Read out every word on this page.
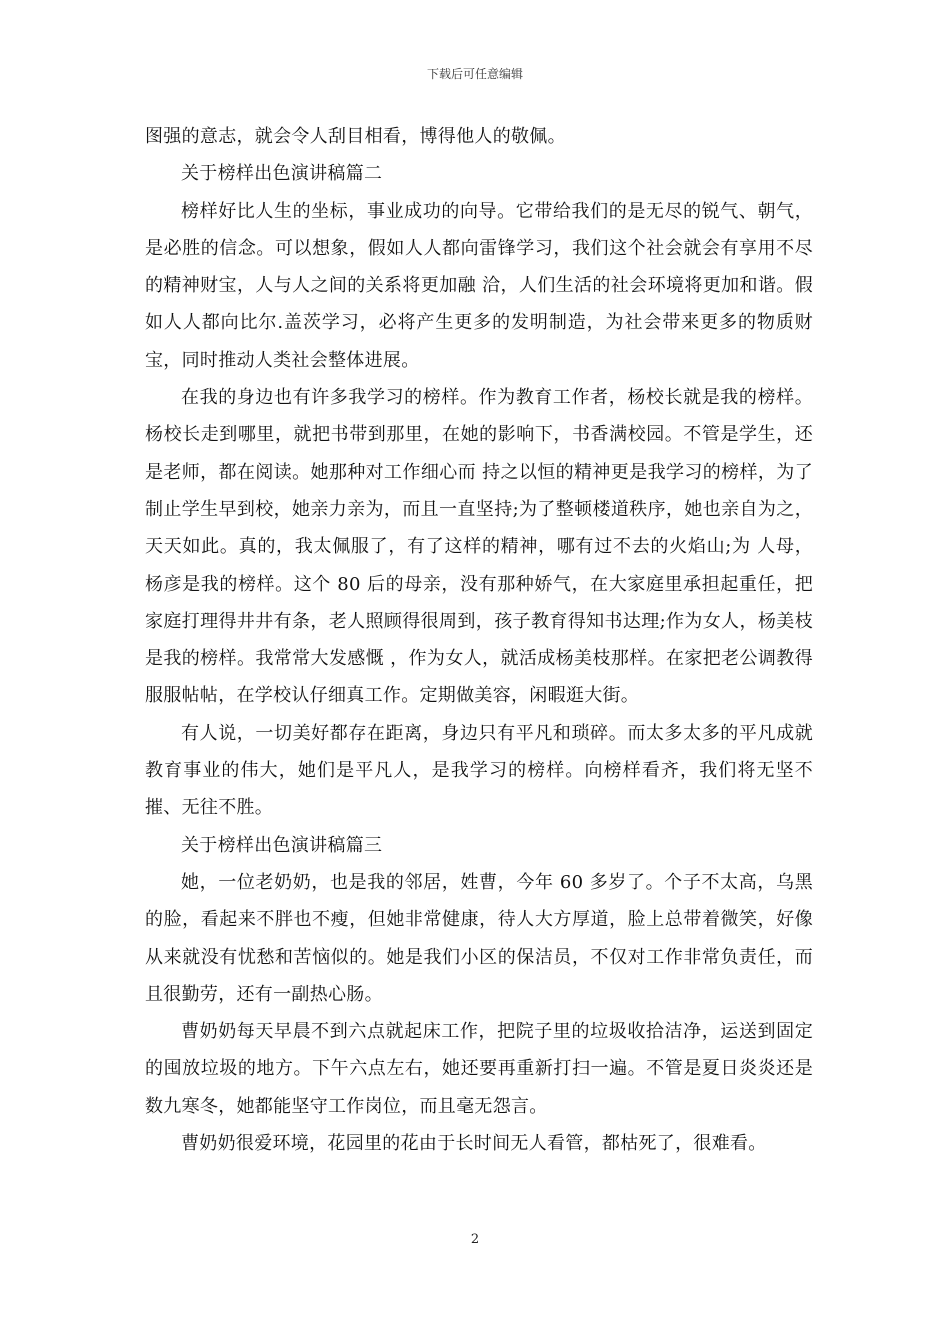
下载后可任意编辑

图强的意志，就会令人刮目相看，博得他人的敬佩。

关于榜样出色演讲稿篇二

榜样好比人生的坐标，事业成功的向导。它带给我们的是无尽的锐气、朝气，是必胜的信念。可以想象，假如人人都向雷锋学习，我们这个社会就会有享用不尽的精神财宝，人与人之间的关系将更加融 洽，人们生活的社会环境将更加和谐。假如人人都向比尔.盖茨学习，必将产生更多的发明制造，为社会带来更多的物质财宝，同时推动人类社会整体进展。

在我的身边也有许多我学习的榜样。作为教育工作者，杨校长就是我的榜样。杨校长走到哪里，就把书带到那里，在她的影响下，书香满校园。不管是学生，还是老师，都在阅读。她那种对工作细心而 持之以恒的精神更是我学习的榜样，为了制止学生早到校，她亲力亲为，而且一直坚持;为了整顿楼道秩序，她也亲自为之，天天如此。真的，我太佩服了，有了这样的精神，哪有过不去的火焰山;为 人母，杨彦是我的榜样。这个 80 后的母亲，没有那种娇气，在大家庭里承担起重任，把家庭打理得井井有条，老人照顾得很周到，孩子教育得知书达理;作为女人，杨美枝是我的榜样。我常常大发感慨 ，作为女人，就活成杨美枝那样。在家把老公调教得服服帖帖，在学校认仔细真工作。定期做美容，闲暇逛大街。

有人说，一切美好都存在距离，身边只有平凡和琐碎。而太多太多的平凡成就教育事业的伟大，她们是平凡人，是我学习的榜样。向榜样看齐，我们将无坚不摧、无往不胜。

关于榜样出色演讲稿篇三

她，一位老奶奶，也是我的邻居，姓曹，今年 60 多岁了。个子不太高，乌黑的脸，看起来不胖也不瘦，但她非常健康，待人大方厚道，脸上总带着微笑，好像从来就没有忧愁和苦恼似的。她是我们小区的保洁员，不仅对工作非常负责任，而且很勤劳，还有一副热心肠。

曹奶奶每天早晨不到六点就起床工作，把院子里的垃圾收拾洁净，运送到固定的囤放垃圾的地方。下午六点左右，她还要再重新打扫一遍。不管是夏日炎炎还是数九寒冬，她都能坚守工作岗位，而且毫无怨言。

曹奶奶很爱环境，花园里的花由于长时间无人看管，都枯死了，很难看。

2
